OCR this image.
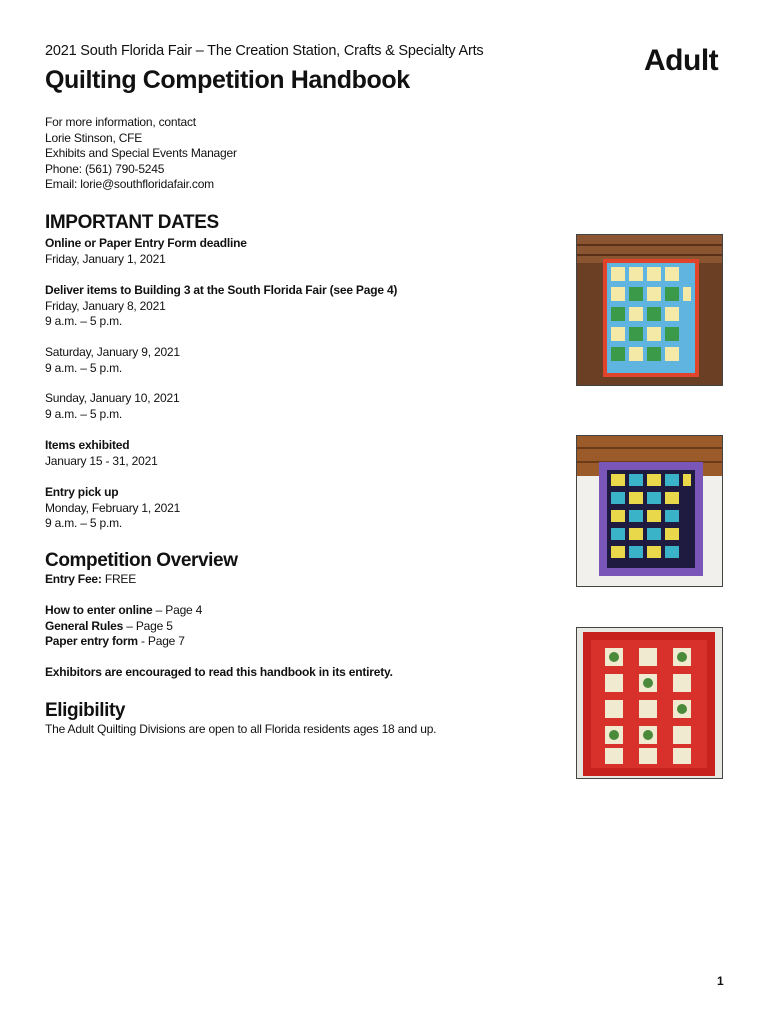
2021 South Florida Fair – The Creation Station, Crafts & Specialty Arts
Quilting Competition Handbook
Adult
For more information, contact
Lorie Stinson, CFE
Exhibits and Special Events Manager
Phone: (561) 790-5245
Email: lorie@southfloridafair.com
IMPORTANT DATES
Online or Paper Entry Form deadline
Friday, January 1, 2021
Deliver items to Building 3 at the South Florida Fair (see Page 4)
Friday, January 8, 2021
9 a.m. – 5 p.m.
Saturday, January 9, 2021
9 a.m. – 5 p.m.
Sunday, January 10, 2021
9 a.m. – 5 p.m.
Items exhibited
January 15 - 31, 2021
Entry pick up
Monday, February 1, 2021
9 a.m. – 5 p.m.
Competition Overview
Entry Fee: FREE
How to enter online – Page 4
General Rules – Page 5
Paper entry form - Page 7
Exhibitors are encouraged to read this handbook in its entirety.
Eligibility
The Adult Quilting Divisions are open to all Florida residents ages 18 and up.
1
